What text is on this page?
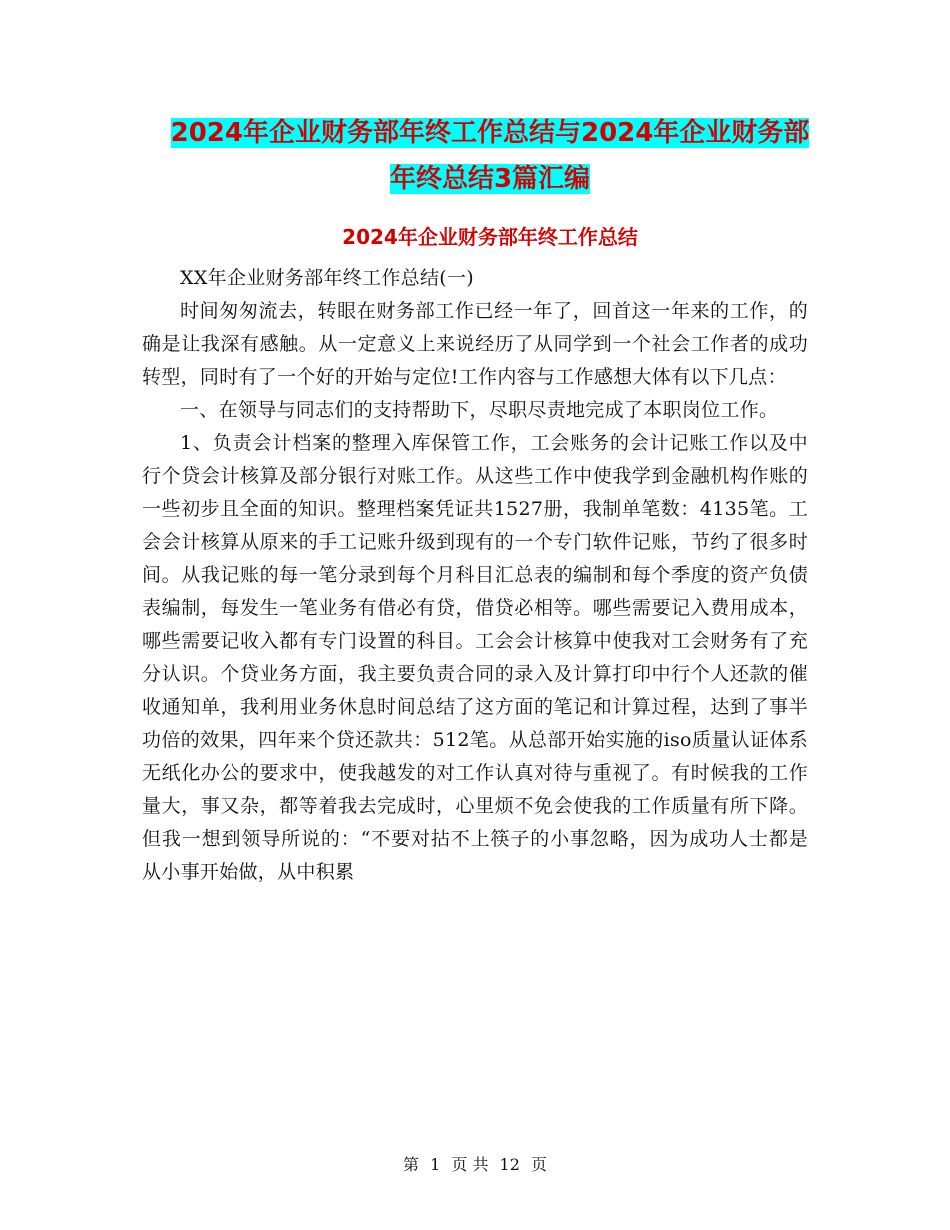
2024年企业财务部年终工作总结与2024年企业财务部
年终总结3篇汇编
2024年企业财务部年终工作总结

XX年企业财务部年终工作总结(一)

时间匆匆流去，转眼在财务部工作已经一年了，回首这一年来的工作，的确是让我深有感触。从一定意义上来说经历了从同学到一个社会工作者的成功转型，同时有了一个好的开始与定位!工作内容与工作感想大体有以下几点：

一、在领导与同志们的支持帮助下，尽职尽责地完成了本职岗位工作。

1、负责会计档案的整理入库保管工作，工会账务的会计记账工作以及中行个贷会计核算及部分银行对账工作。从这些工作中使我学到金融机构作账的一些初步且全面的知识。整理档案凭证共1527册，我制单笔数：4135笔。工会会计核算从原来的手工记账升级到现有的一个专门软件记账，节约了很多时间。从我记账的每一笔分录到每个月科目汇总表的编制和每个季度的资产负债表编制，每发生一笔业务有借必有贷，借贷必相等。哪些需要记入费用成本，哪些需要记收入都有专门设置的科目。工会会计核算中使我对工会财务有了充分认识。个贷业务方面，我主要负责合同的录入及计算打印中行个人还款的催收通知单，我利用业务休息时间总结了这方面的笔记和计算过程，达到了事半功倍的效果，四年来个贷还款共：512笔。从总部开始实施的iso质量认证体系无纸化办公的要求中，使我越发的对工作认真对待与重视了。有时候我的工作量大，事又杂，都等着我去完成时，心里烦不免会使我的工作质量有所下降。但我一想到领导所说的：“不要对拈不上筷子的小事忽略，因为成功人士都是从小事开始做，从中积累

第 1 页 共 12 页
